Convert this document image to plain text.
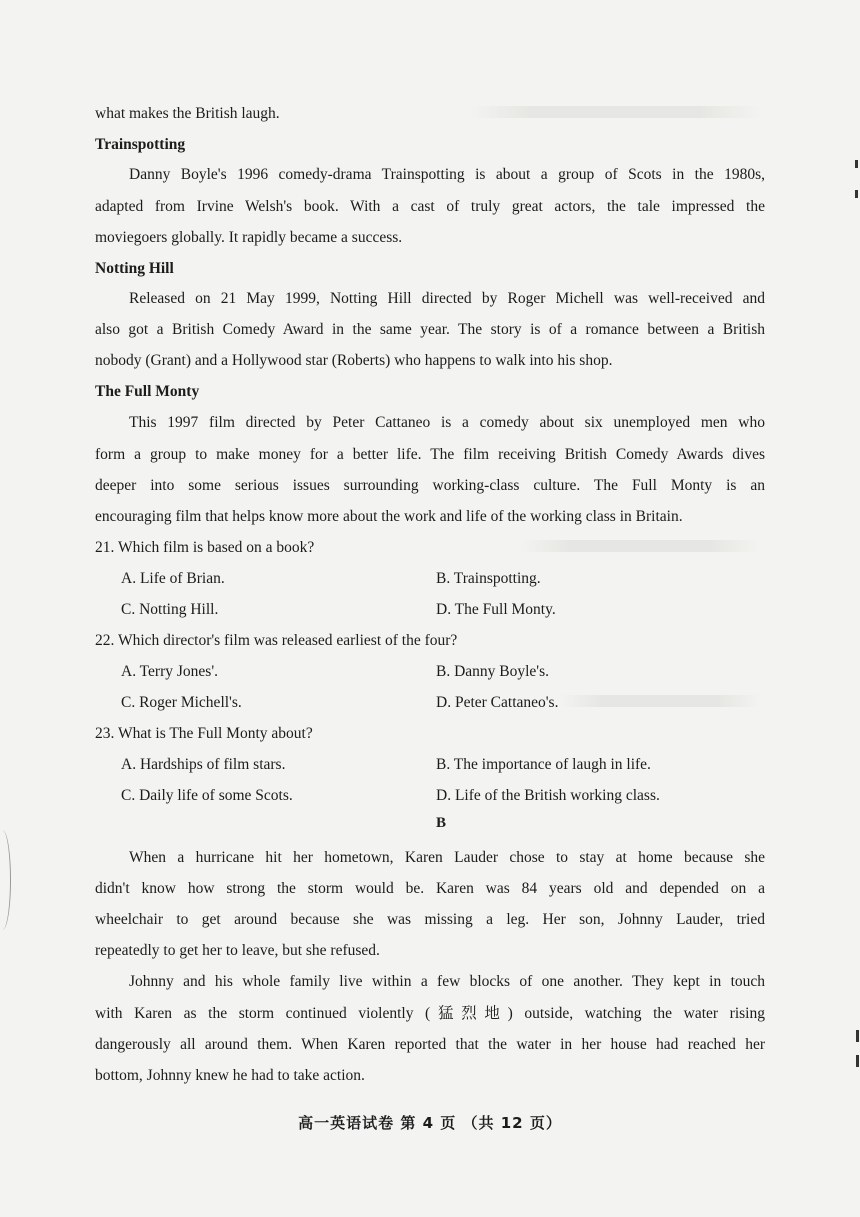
what makes the British laugh.
Trainspotting
Danny Boyle's 1996 comedy-drama Trainspotting is about a group of Scots in the 1980s,
adapted from Irvine Welsh's book. With a cast of truly great actors, the tale impressed the
moviegoers globally. It rapidly became a success.
Notting Hill
Released on 21 May 1999, Notting Hill directed by Roger Michell was well-received and
also got a British Comedy Award in the same year. The story is of a romance between a British
nobody (Grant) and a Hollywood star (Roberts) who happens to walk into his shop.
The Full Monty
This 1997 film directed by Peter Cattaneo is a comedy about six unemployed men who
form a group to make money for a better life. The film receiving British Comedy Awards dives
deeper into some serious issues surrounding working-class culture. The Full Monty is an
encouraging film that helps know more about the work and life of the working class in Britain.
21. Which film is based on a book?
A. Life of Brian.	B. Trainspotting.
C. Notting Hill.	D. The Full Monty.
22. Which director's film was released earliest of the four?
A. Terry Jones'.	B. Danny Boyle's.
C. Roger Michell's.	D. Peter Cattaneo's.
23. What is The Full Monty about?
A. Hardships of film stars.	B. The importance of laugh in life.
C. Daily life of some Scots.	D. Life of the British working class.
B
When a hurricane hit her hometown, Karen Lauder chose to stay at home because she
didn't know how strong the storm would be. Karen was 84 years old and depended on a
wheelchair to get around because she was missing a leg. Her son, Johnny Lauder, tried
repeatedly to get her to leave, but she refused.
Johnny and his whole family live within a few blocks of one another. They kept in touch
with Karen as the storm continued violently (猛烈地) outside, watching the water rising
dangerously all around them. When Karen reported that the water in her house had reached her
bottom, Johnny knew he had to take action.
高一英语试卷 第 4 页 （共 12 页）
